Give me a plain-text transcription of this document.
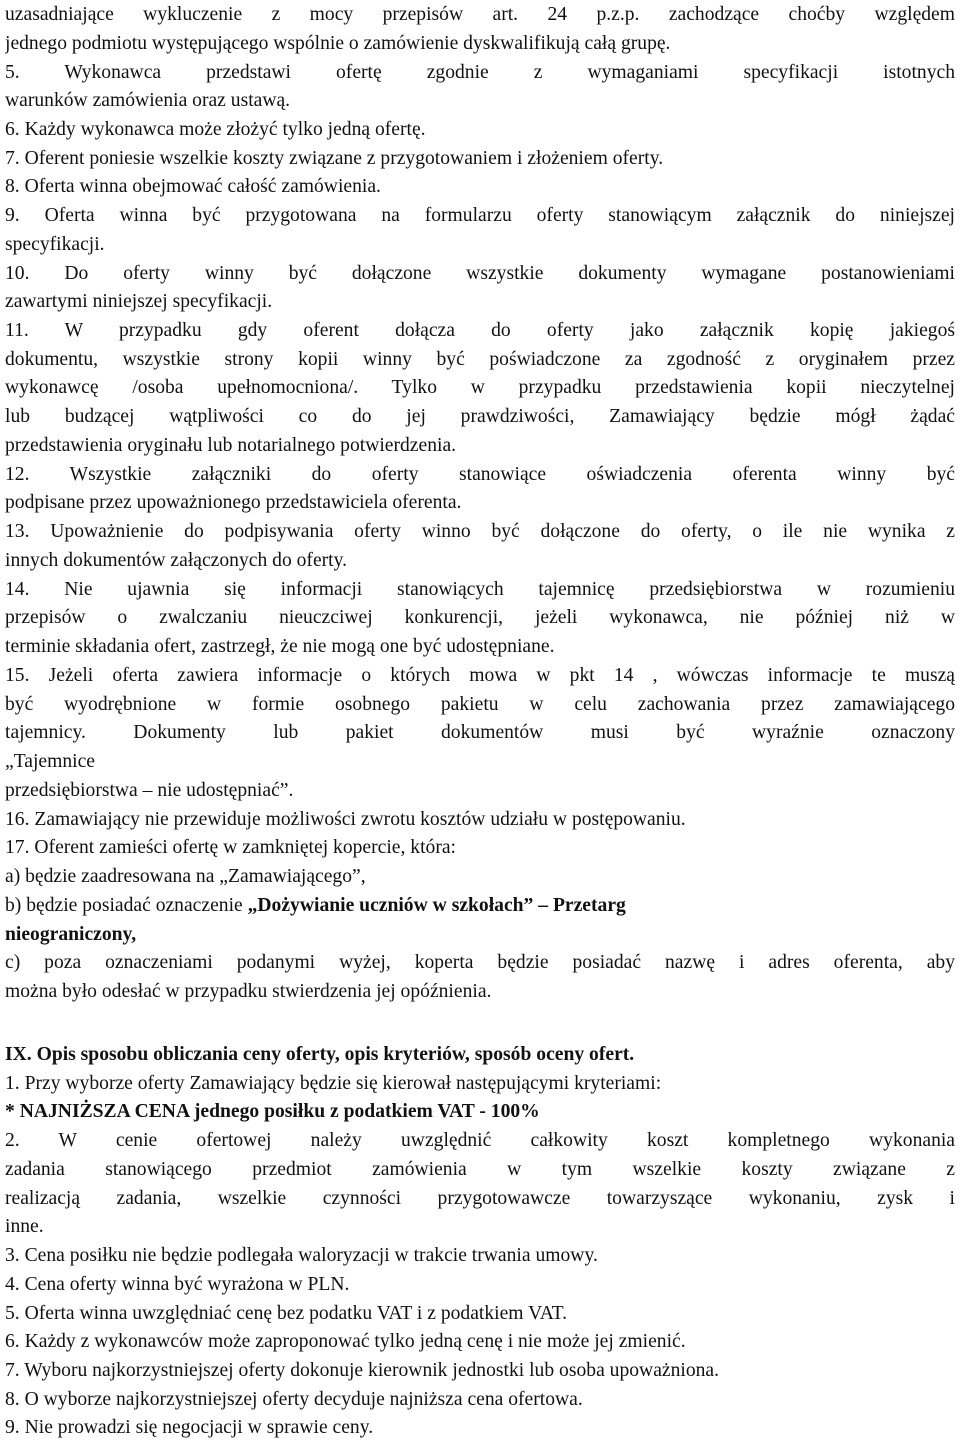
uzasadniające wykluczenie z mocy przepisów art. 24 p.z.p. zachodzące choćby względem
jednego podmiotu występującego wspólnie o zamówienie dyskwalifikują całą grupę.
5. Wykonawca przedstawi ofertę zgodnie z wymaganiami specyfikacji istotnych
warunków zamówienia oraz ustawą.
6. Każdy wykonawca może złożyć tylko jedną ofertę.
7. Oferent poniesie wszelkie koszty związane z przygotowaniem i złożeniem oferty.
8. Oferta winna obejmować całość zamówienia.
9. Oferta winna być przygotowana na formularzu oferty stanowiącym załącznik do niniejszej
specyfikacji.
10. Do oferty winny być dołączone wszystkie dokumenty wymagane postanowieniami
zawartymi niniejszej specyfikacji.
11. W przypadku gdy oferent dołącza do oferty jako załącznik kopię jakiegoś
dokumentu, wszystkie strony kopii winny być poświadczone za zgodność z oryginałem przez
wykonawcę /osoba upełnomocniona/. Tylko w przypadku przedstawienia kopii nieczytelnej
lub budzącej wątpliwości co do jej prawdziwości, Zamawiający będzie mógł żądać
przedstawienia oryginału lub notarialnego potwierdzenia.
12. Wszystkie załączniki do oferty stanowiące oświadczenia oferenta winny być
podpisane przez upoważnionego przedstawiciela oferenta.
13. Upoważnienie do podpisywania oferty winno być dołączone do oferty, o ile nie wynika z
innych dokumentów załączonych do oferty.
14. Nie ujawnia się informacji stanowiących tajemnicę przedsiębiorstwa w rozumieniu
przepisów o zwalczaniu nieuczciwej konkurencji, jeżeli wykonawca, nie później niż w
terminie składania ofert, zastrzegł, że nie mogą one być udostępniane.
15. Jeżeli oferta zawiera informacje o których mowa w pkt 14 , wówczas informacje te muszą
być wyodrębnione w formie osobnego pakietu w celu zachowania przez zamawiającego
tajemnicy. Dokumenty lub pakiet dokumentów musi być wyraźnie oznaczony
„Tajemnice
przedsiębiorstwa – nie udostępniać”.
16. Zamawiający nie przewiduje możliwości zwrotu kosztów udziału w postępowaniu.
17. Oferent zamieści ofertę w zamkniętej kopercie, która:
a) będzie zaadresowana na „Zamawiającego”,
b) będzie posiadać oznaczenie „Dożywianie uczniów w szkołach” – Przetarg
nieograniczony,
c) poza oznaczeniami podanymi wyżej, koperta będzie posiadać nazwę i adres oferenta, aby
można było odesłać w przypadku stwierdzenia jej opóźnienia.
IX. Opis sposobu obliczania ceny oferty, opis kryteriów, sposób oceny ofert.
1. Przy wyborze oferty Zamawiający będzie się kierował następującymi kryteriami:
* NAJNIŻSZA CENA jednego posiłku z podatkiem VAT - 100%
2. W cenie ofertowej należy uwzględnić całkowity koszt kompletnego wykonania
zadania stanowiącego przedmiot zamówienia w tym wszelkie koszty związane z
realizacją zadania, wszelkie czynności przygotowawcze towarzyszące wykonaniu, zysk i
inne.
3. Cena posiłku nie będzie podlegała waloryzacji w trakcie trwania umowy.
4. Cena oferty winna być wyrażona w PLN.
5. Oferta winna uwzględniać cenę bez podatku VAT i z podatkiem VAT.
6. Każdy z wykonawców może zaproponować tylko jedną cenę i nie może jej zmienić.
7. Wyboru najkorzystniejszej oferty dokonuje kierownik jednostki lub osoba upoważniona.
8. O wyborze najkorzystniejszej oferty decyduje najniższa cena ofertowa.
9. Nie prowadzi się negocjacji w sprawie ceny.
